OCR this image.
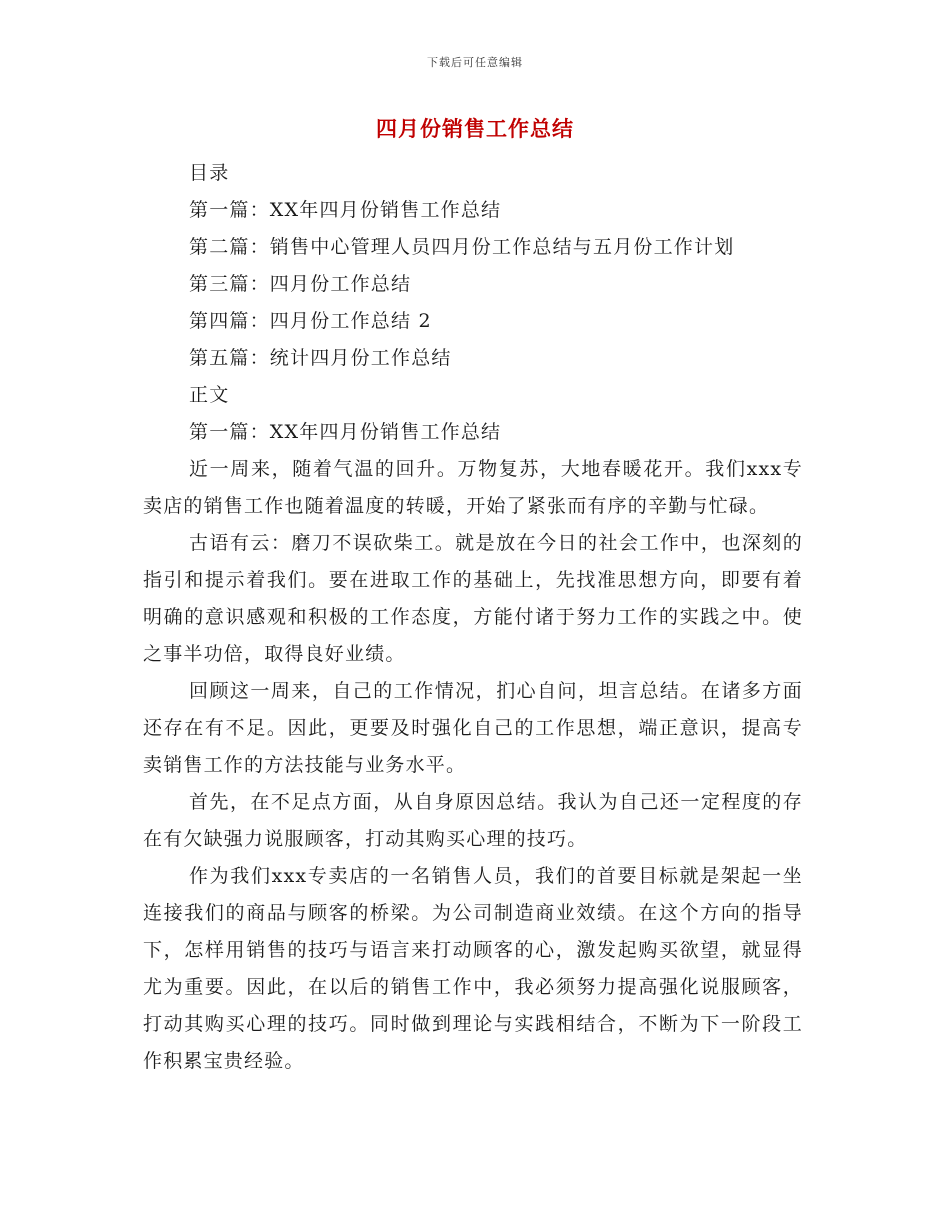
下载后可任意编辑
四月份销售工作总结
目录
第一篇：XX年四月份销售工作总结
第二篇：销售中心管理人员四月份工作总结与五月份工作计划
第三篇：四月份工作总结
第四篇：四月份工作总结 2
第五篇：统计四月份工作总结
正文
第一篇：XX年四月份销售工作总结

近一周来，随着气温的回升。万物复苏，大地春暖花开。我们xxx专卖店的销售工作也随着温度的转暖，开始了紧张而有序的辛勤与忙碌。

古语有云：磨刀不误砍柴工。就是放在今日的社会工作中，也深刻的指引和提示着我们。要在进取工作的基础上，先找准思想方向，即要有着明确的意识感观和积极的工作态度，方能付诸于努力工作的实践之中。使之事半功倍，取得良好业绩。

回顾这一周来，自己的工作情况，扪心自问，坦言总结。在诸多方面还存在有不足。因此，更要及时强化自己的工作思想，端正意识，提高专卖销售工作的方法技能与业务水平。

首先，在不足点方面，从自身原因总结。我认为自己还一定程度的存在有欠缺强力说服顾客，打动其购买心理的技巧。

作为我们xxx专卖店的一名销售人员，我们的首要目标就是架起一坐连接我们的商品与顾客的桥梁。为公司制造商业效绩。在这个方向的指导下，怎样用销售的技巧与语言来打动顾客的心，激发起购买欲望，就显得尤为重要。因此，在以后的销售工作中，我必须努力提高强化说服顾客，打动其购买心理的技巧。同时做到理论与实践相结合，不断为下一阶段工作积累宝贵经验。
